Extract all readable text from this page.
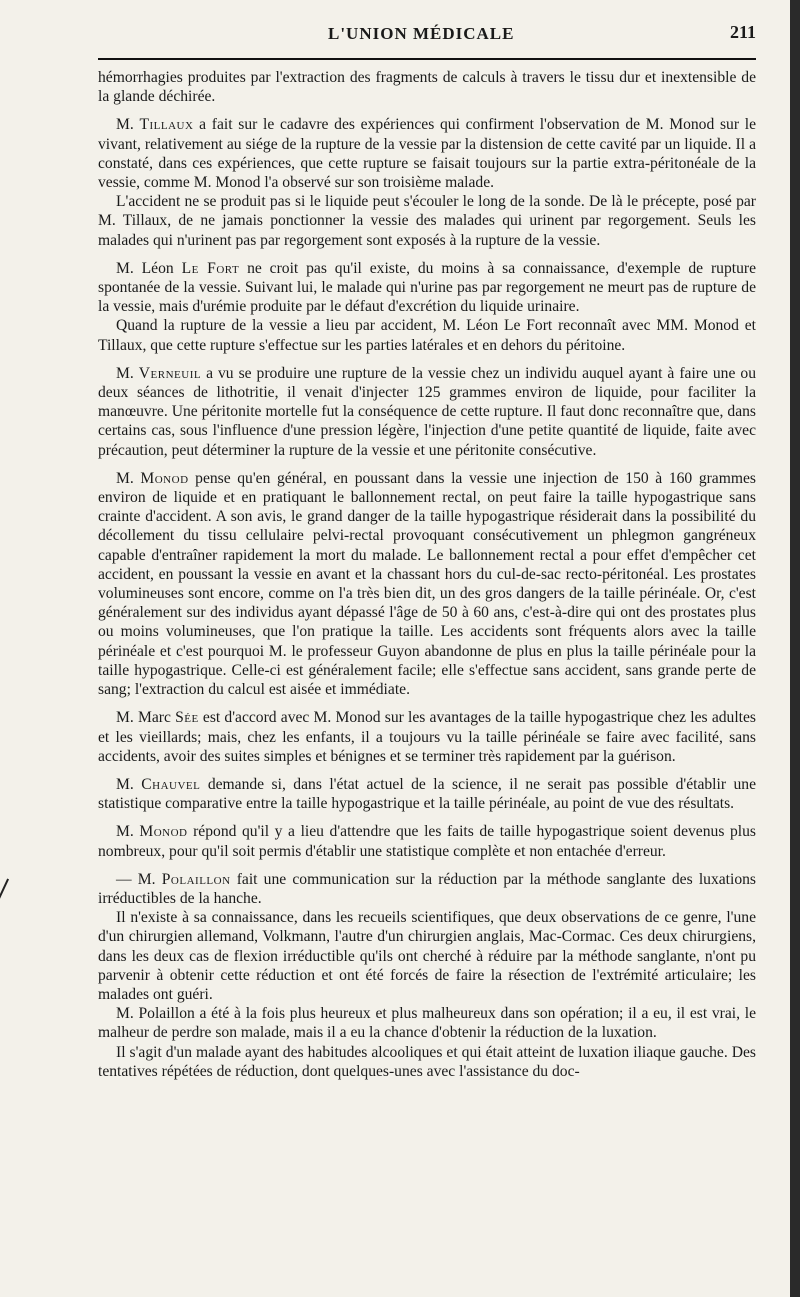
L'UNION MÉDICALE	211

hémorrhagies produites par l'extraction des fragments de calculs à travers le tissu dur et inextensible de la glande déchirée.

M. Tillaux a fait sur le cadavre des expériences qui confirment l'observation de M. Monod sur le vivant, relativement au siége de la rupture de la vessie par la distension de cette cavité par un liquide. Il a constaté, dans ces expériences, que cette rupture se faisait toujours sur la partie extra-péritonéale de la vessie, comme M. Monod l'a observé sur son troisième malade.

L'accident ne se produit pas si le liquide peut s'écouler le long de la sonde. De là le précepte, posé par M. Tillaux, de ne jamais ponctionner la vessie des malades qui urinent par regorgement. Seuls les malades qui n'urinent pas par regorgement sont exposés à la rupture de la vessie.

M. Léon Le Fort ne croit pas qu'il existe, du moins à sa connaissance, d'exemple de rupture spontanée de la vessie. Suivant lui, le malade qui n'urine pas par regorgement ne meurt pas de rupture de la vessie, mais d'urémie produite par le défaut d'excrétion du liquide urinaire.

Quand la rupture de la vessie a lieu par accident, M. Léon Le Fort reconnaît avec MM. Monod et Tillaux, que cette rupture s'effectue sur les parties latérales et en dehors du péritoine.

M. Verneuil a vu se produire une rupture de la vessie chez un individu auquel ayant à faire une ou deux séances de lithotritie, il venait d'injecter 125 grammes environ de liquide, pour faciliter la manœuvre. Une péritonite mortelle fut la conséquence de cette rupture. Il faut donc reconnaître que, dans certains cas, sous l'influence d'une pression légère, l'injection d'une petite quantité de liquide, faite avec précaution, peut déterminer la rupture de la vessie et une péritonite consécutive.

M. Monod pense qu'en général, en poussant dans la vessie une injection de 150 à 160 grammes environ de liquide et en pratiquant le ballonnement rectal, on peut faire la taille hypogastrique sans crainte d'accident. A son avis, le grand danger de la taille hypogastrique résiderait dans la possibilité du décollement du tissu cellulaire pelvi-rectal provoquant consécutivement un phlegmon gangréneux capable d'entraîner rapidement la mort du malade. Le ballonnement rectal a pour effet d'empêcher cet accident, en poussant la vessie en avant et la chassant hors du cul-de-sac recto-péritonéal. Les prostates volumineuses sont encore, comme on l'a très bien dit, un des gros dangers de la taille périnéale. Or, c'est généralement sur des individus ayant dépassé l'âge de 50 à 60 ans, c'est-à-dire qui ont des prostates plus ou moins volumineuses, que l'on pratique la taille. Les accidents sont fréquents alors avec la taille périnéale et c'est pourquoi M. le professeur Guyon abandonne de plus en plus la taille périnéale pour la taille hypogastrique. Celle-ci est généralement facile; elle s'effectue sans accident, sans grande perte de sang; l'extraction du calcul est aisée et immédiate.

M. Marc Sée est d'accord avec M. Monod sur les avantages de la taille hypogastrique chez les adultes et les vieillards; mais, chez les enfants, il a toujours vu la taille périnéale se faire avec facilité, sans accidents, avoir des suites simples et bénignes et se terminer très rapidement par la guérison.

M. Chauvel demande si, dans l'état actuel de la science, il ne serait pas possible d'établir une statistique comparative entre la taille hypogastrique et la taille périnéale, au point de vue des résultats.

M. Monod répond qu'il y a lieu d'attendre que les faits de taille hypogastrique soient devenus plus nombreux, pour qu'il soit permis d'établir une statistique complète et non entachée d'erreur.

— M. Polaillon fait une communication sur la réduction par la méthode sanglante des luxations irréductibles de la hanche.

Il n'existe à sa connaissance, dans les recueils scientifiques, que deux observations de ce genre, l'une d'un chirurgien allemand, Volkmann, l'autre d'un chirurgien anglais, Mac-Cormac. Ces deux chirurgiens, dans les deux cas de flexion irréductible qu'ils ont cherché à réduire par la méthode sanglante, n'ont pu parvenir à obtenir cette réduction et ont été forcés de faire la résection de l'extrémité articulaire; les malades ont guéri.

M. Polaillon a été à la fois plus heureux et plus malheureux dans son opération; il a eu, il est vrai, le malheur de perdre son malade, mais il a eu la chance d'obtenir la réduction de la luxation.

Il s'agit d'un malade ayant des habitudes alcooliques et qui était atteint de luxation iliaque gauche. Des tentatives répétées de réduction, dont quelques-unes avec l'assistance du doc-
